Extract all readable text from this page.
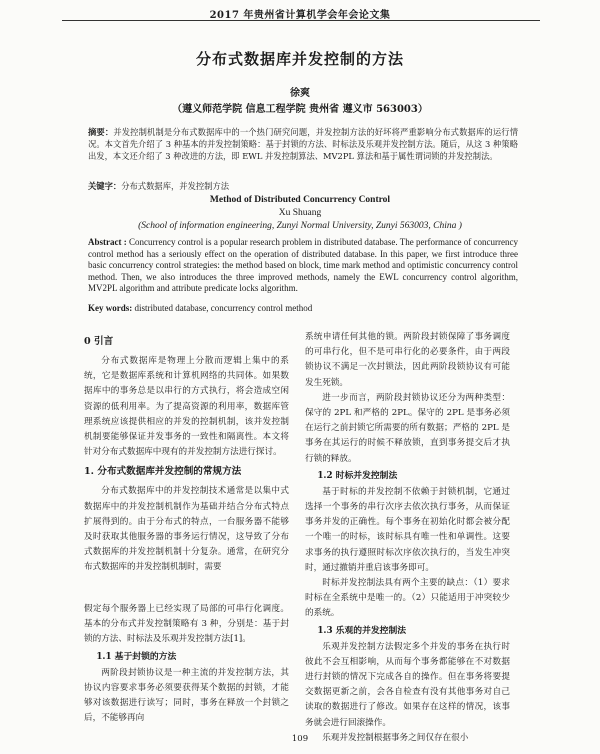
2017 年贵州省计算机学会年会论文集
分布式数据库并发控制的方法
徐爽
（遵义师范学院 信息工程学院 贵州省 遵义市 563003）
摘要：并发控制机制是分布式数据库中的一个热门研究问题，并发控制方法的好坏将严重影响分布式数据库的运行情况。本文首先介绍了 3 种基本的并发控制策略：基于封锁的方法、时标法及乐观并发控制方法。随后，从这 3 种策略出发，本文还介绍了 3 种改进的方法，即 EWL 并发控制算法、MV2PL 算法和基于属性谓词锁的并发控制法。
关键字：分布式数据库，并发控制方法
Method of Distributed Concurrency Control
Xu Shuang
(School of information engineering, Zunyi Normal University, Zunyi 563003, China )
Abstract : Concurrency control is a popular research problem in distributed database. The performance of concurrency control method has a seriously effect on the operation of distributed database. In this paper, we first introduce three basic concurrency control strategies: the method based on block, time mark method and optimistic concurrency control method. Then, we also introduces the three improved methods, namely the EWL concurrency control algorithm, MV2PL algorithm and attribute predicate locks algorithm.
Key words: distributed database, concurrency control method
0 引言

分布式数据库是物理上分散而逻辑上集中的系统，它是数据库系统和计算机网络的共同体。如果数据库中的事务总是以串行的方式执行，将会造成空闲资源的低利用率。为了提高资源的利用率，数据库管理系统应该提供相应的并发的控制机制，该并发控制机制要能够保证并发事务的一致性和隔离性。本文将针对分布式数据库中现有的并发控制方法进行探讨。

1. 分布式数据库并发控制的常规方法

分布式数据库中的并发控制技术通常是以集中式数据库中的并发控制机制作为基础并结合分布式特点扩展得到的。由于分布式的特点，一台服务器不能够及时获取其他服务器的事务运行情况，这导致了分布式数据库的并发控制机制十分复杂。通常，在研究分布式数据库的并发控制机制时，需要

假定每个服务器上已经实现了局部的可串行化调度。基本的分布式并发控制策略有 3 种，分别是：基于封锁的方法、时标法及乐观并发控制方法[1]。

1.1 基于封锁的方法

两阶段封锁协议是一种主流的并发控制方法，其协议内容要求事务必须要获得某个数据的封锁，才能够对该数据进行读写；同时，事务在释放一个封锁之后，不能够再向

系统申请任何其他的锁。两阶段封锁保障了事务调度的可串行化，但不是可串行化的必要条件，由于两段锁协议不满足一次封锁法，因此两阶段锁协议有可能发生死锁。

进一步而言，两阶段封锁协议还分为两种类型：保守的 2PL 和严格的 2PL。保守的 2PL 是事务必须在运行之前封锁它所需要的所有数据；严格的 2PL 是事务在其运行的时候不释放锁，直到事务提交后才执行锁的释放。

1.2 时标并发控制法

基于时标的并发控制不依赖于封锁机制，它通过选择一个事务的串行次序去依次执行事务，从而保证事务并发的正确性。每个事务在初始化时都会被分配一个唯一的时标，该时标具有唯一性和单调性。这要求事务的执行遵照时标次序依次执行的，当发生冲突时，通过撤销并重启该事务即可。

时标并发控制法具有两个主要的缺点：（1）要求时标在全系统中是唯一的。（2）只能适用于冲突较少的系统。

1.3 乐观的并发控制法

乐观并发控制方法假定多个并发的事务在执行时彼此不会互相影响，从而每个事务都能够在不对数据进行封锁的情况下完成各自的操作。但在事务将要提交数据更新之前，会各自检查有没有其他事务对自己读取的数据进行了修改。如果存在这样的情况，该事务就会进行回滚操作。

乐观并发控制根据事务之间仅存在很小

109
